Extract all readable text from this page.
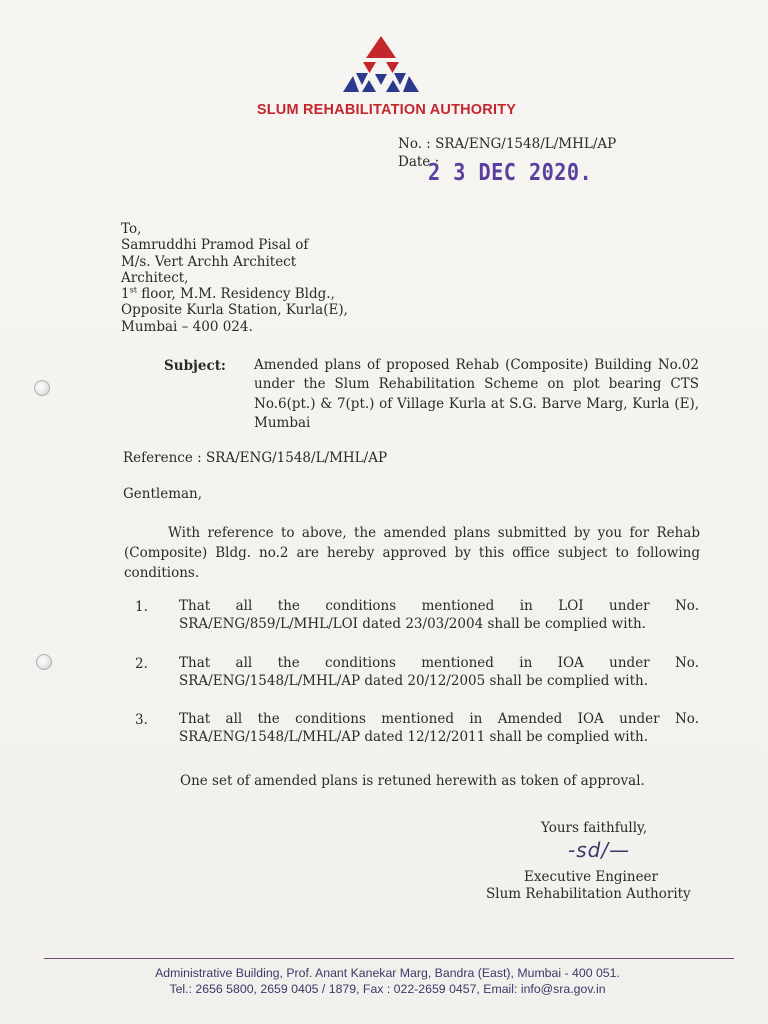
SLUM REHABILITATION AUTHORITY
No. : SRA/ENG/1548/L/MHL/AP
Date :
2 3 DEC 2020.
To,
Samruddhi Pramod Pisal of
M/s. Vert Archh Architect
Architect,
1st floor, M.M. Residency Bldg.,
Opposite Kurla Station, Kurla(E),
Mumbai – 400 024.
Subject: Amended plans of proposed Rehab (Composite) Building No.02 under the Slum Rehabilitation Scheme on plot bearing CTS No.6(pt.) & 7(pt.) of Village Kurla at S.G. Barve Marg, Kurla (E), Mumbai
Reference : SRA/ENG/1548/L/MHL/AP
Gentleman,
With reference to above, the amended plans submitted by you for Rehab (Composite) Bldg. no.2 are hereby approved by this office subject to following conditions.
1. That all the conditions mentioned in LOI under No.
SRA/ENG/859/L/MHL/LOI dated 23/03/2004 shall be complied with.
2. That all the conditions mentioned in IOA under No.
SRA/ENG/1548/L/MHL/AP dated 20/12/2005 shall be complied with.
3. That all the conditions mentioned in Amended IOA under No.
SRA/ENG/1548/L/MHL/AP dated 12/12/2011 shall be complied with.
One set of amended plans is retuned herewith as token of approval.
Yours faithfully,
-sd/—
Executive Engineer
Slum Rehabilitation Authority
Administrative Building, Prof. Anant Kanekar Marg, Bandra (East), Mumbai - 400 051.
Tel.: 2656 5800, 2659 0405 / 1879, Fax : 022-2659 0457, Email: info@sra.gov.in
